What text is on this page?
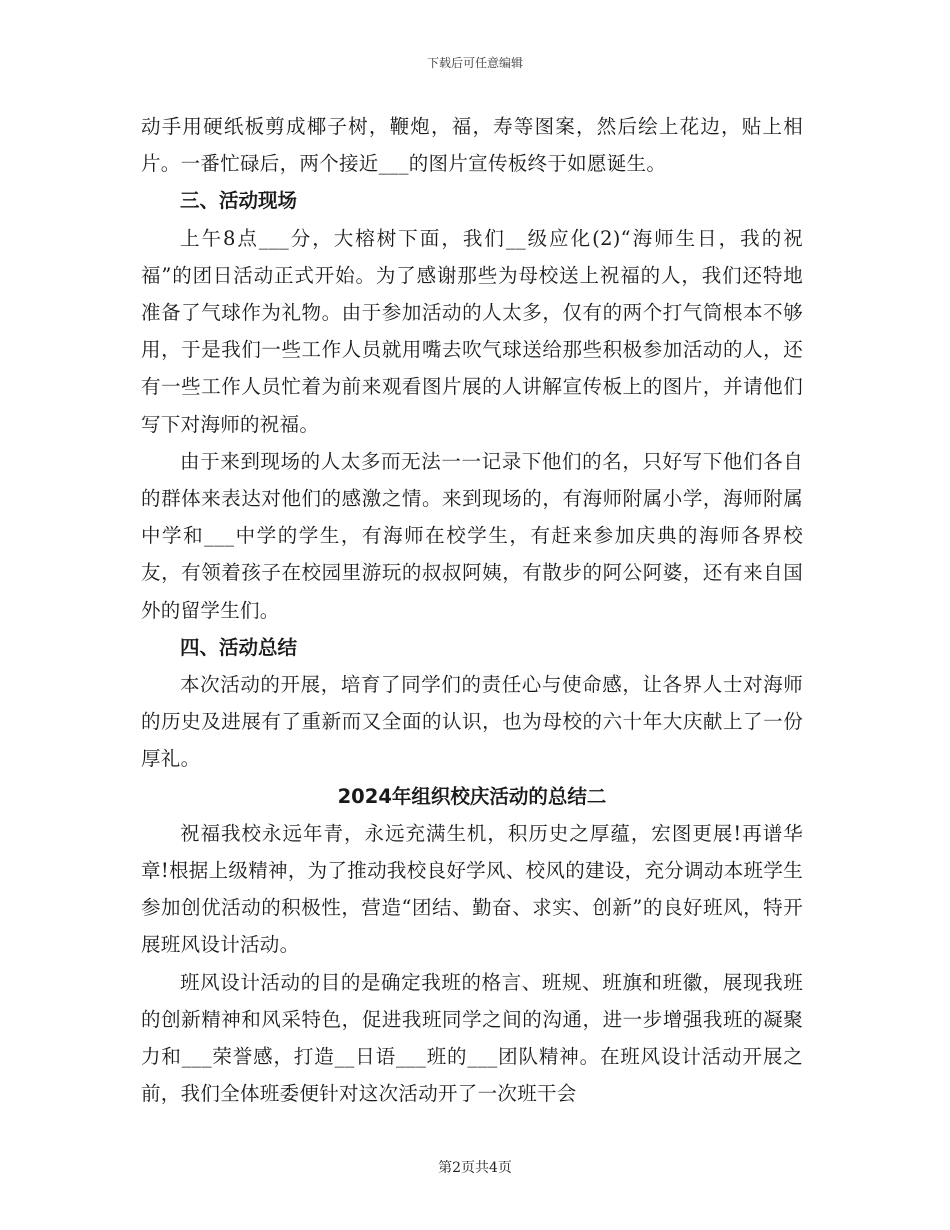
下载后可任意编辑

动手用硬纸板剪成椰子树，鞭炮，福，寿等图案，然后绘上花边，贴上相片。一番忙碌后，两个接近___的图片宣传板终于如愿诞生。

三、活动现场

上午8点___分，大榕树下面，我们__级应化(2)“海师生日，我的祝福”的团日活动正式开始。为了感谢那些为母校送上祝福的人，我们还特地准备了气球作为礼物。由于参加活动的人太多，仅有的两个打气筒根本不够用，于是我们一些工作人员就用嘴去吹气球送给那些积极参加活动的人，还有一些工作人员忙着为前来观看图片展的人讲解宣传板上的图片，并请他们写下对海师的祝福。

由于来到现场的人太多而无法一一记录下他们的名，只好写下他们各自的群体来表达对他们的感激之情。来到现场的，有海师附属小学，海师附属中学和___中学的学生，有海师在校学生，有赶来参加庆典的海师各界校友，有领着孩子在校园里游玩的叔叔阿姨，有散步的阿公阿婆，还有来自国外的留学生们。

四、活动总结

本次活动的开展，培育了同学们的责任心与使命感，让各界人士对海师的历史及进展有了重新而又全面的认识，也为母校的六十年大庆献上了一份厚礼。

2024年组织校庆活动的总结二

祝福我校永远年青，永远充满生机，积历史之厚蕴，宏图更展!再谱华章!根据上级精神，为了推动我校良好学风、校风的建设，充分调动本班学生参加创优活动的积极性，营造“团结、勤奋、求实、创新”的良好班风，特开展班风设计活动。

班风设计活动的目的是确定我班的格言、班规、班旗和班徽，展现我班的创新精神和风采特色，促进我班同学之间的沟通，进一步增强我班的凝聚力和___荣誉感，打造__日语___班的___团队精神。在班风设计活动开展之前，我们全体班委便针对这次活动开了一次班干会

第2页共4页
